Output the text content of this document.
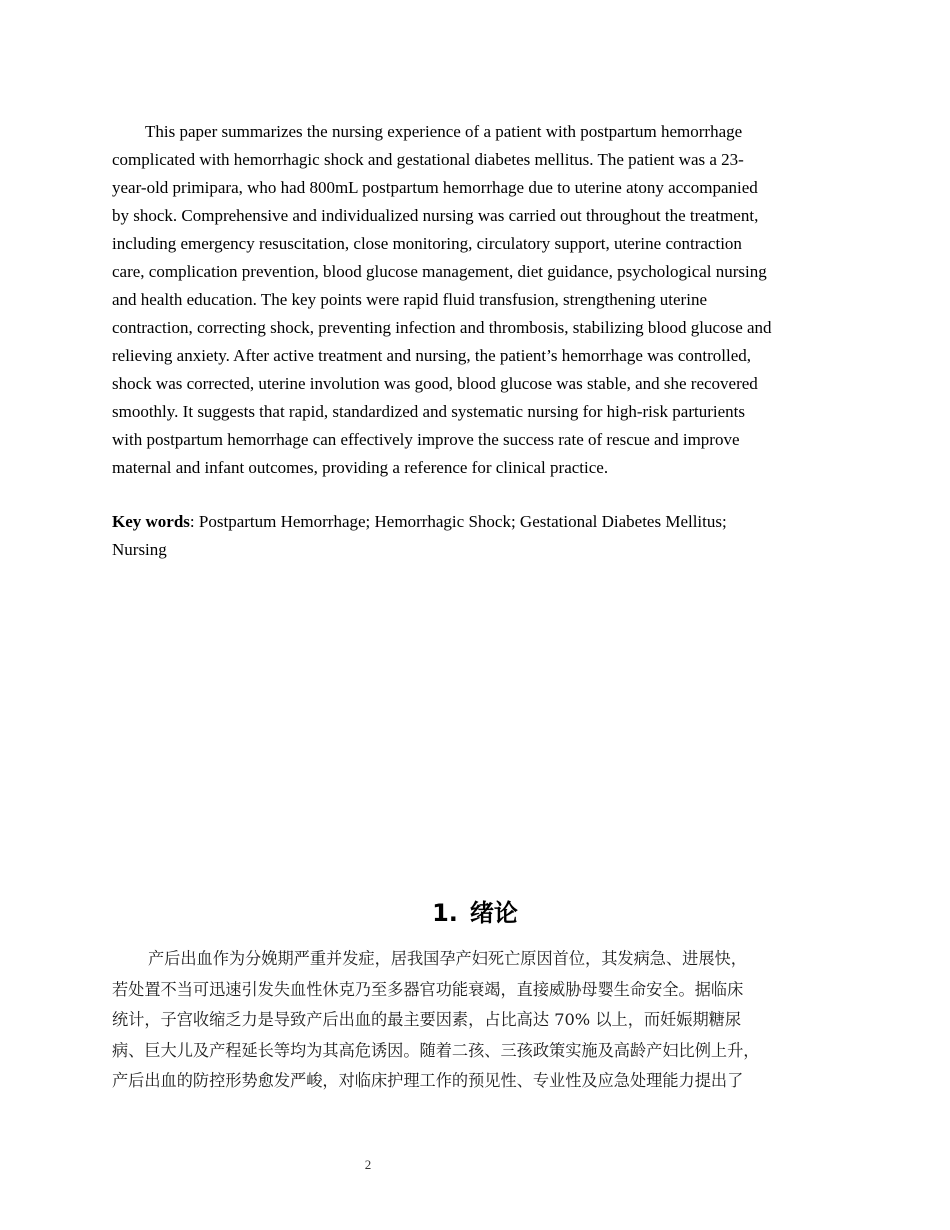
This paper summarizes the nursing experience of a patient with postpartum hemorrhage
complicated with hemorrhagic shock and gestational diabetes mellitus. The patient was a 23-
year-old primipara, who had 800mL postpartum hemorrhage due to uterine atony accompanied
by shock. Comprehensive and individualized nursing was carried out throughout the treatment,
including emergency resuscitation, close monitoring, circulatory support, uterine contraction
care, complication prevention, blood glucose management, diet guidance, psychological nursing
and health education. The key points were rapid fluid transfusion, strengthening uterine
contraction, correcting shock, preventing infection and thrombosis, stabilizing blood glucose and
relieving anxiety. After active treatment and nursing, the patient’s hemorrhage was controlled,
shock was corrected, uterine involution was good, blood glucose was stable, and she recovered
smoothly. It suggests that rapid, standardized and systematic nursing for high-risk parturients
with postpartum hemorrhage can effectively improve the success rate of rescue and improve
maternal and infant outcomes, providing a reference for clinical practice.

Key words: Postpartum Hemorrhage; Hemorrhagic Shock; Gestational Diabetes Mellitus;
Nursing

1. 绪论

产后出血作为分娩期严重并发症，居我国孕产妇死亡原因首位，其发病急、进展快，
若处置不当可迅速引发失血性休克乃至多器官功能衰竭，直接威胁母婴生命安全。据临床
统计，子宫收缩乏力是导致产后出血的最主要因素，占比高达 70% 以上，而妊娠期糖尿
病、巨大儿及产程延长等均为其高危诱因。随着二孩、三孩政策实施及高龄产妇比例上升，
产后出血的防控形势愈发严峻，对临床护理工作的预见性、专业性及应急处理能力提出了

2
